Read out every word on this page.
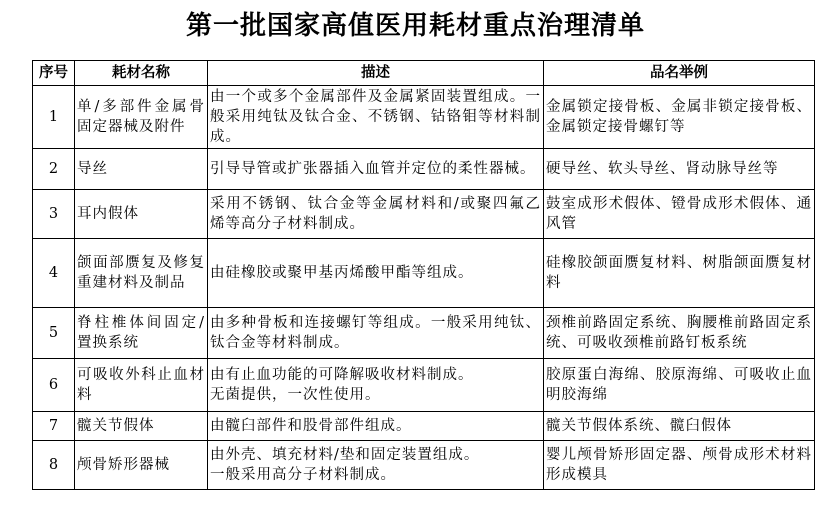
第一批国家高值医用耗材重点治理清单
序号	耗材名称	描述	品名举例
1	单/多部件金属骨固定器械及附件	由一个或多个金属部件及金属紧固装置组成。一般采用纯钛及钛合金、不锈钢、钴铬钼等材料制成。	金属锁定接骨板、金属非锁定接骨板、金属锁定接骨螺钉等
2	导丝	引导导管或扩张器插入血管并定位的柔性器械。	硬导丝、软头导丝、肾动脉导丝等
3	耳内假体	采用不锈钢、钛合金等金属材料和/或聚四氟乙烯等高分子材料制成。	鼓室成形术假体、镫骨成形术假体、通风管
4	颌面部赝复及修复重建材料及制品	由硅橡胶或聚甲基丙烯酸甲酯等组成。	硅橡胶颌面赝复材料、树脂颌面赝复材料
5	脊柱椎体间固定/置换系统	由多种骨板和连接螺钉等组成。一般采用纯钛、钛合金等材料制成。	颈椎前路固定系统、胸腰椎前路固定系统、可吸收颈椎前路钉板系统
6	可吸收外科止血材料	由有止血功能的可降解吸收材料制成。
无菌提供，一次性使用。	胶原蛋白海绵、胶原海绵、可吸收止血明胶海绵
7	髋关节假体	由髋臼部件和股骨部件组成。	髋关节假体系统、髋臼假体
8	颅骨矫形器械	由外壳、填充材料/垫和固定装置组成。
一般采用高分子材料制成。	婴儿颅骨矫形固定器、颅骨成形术材料形成模具
